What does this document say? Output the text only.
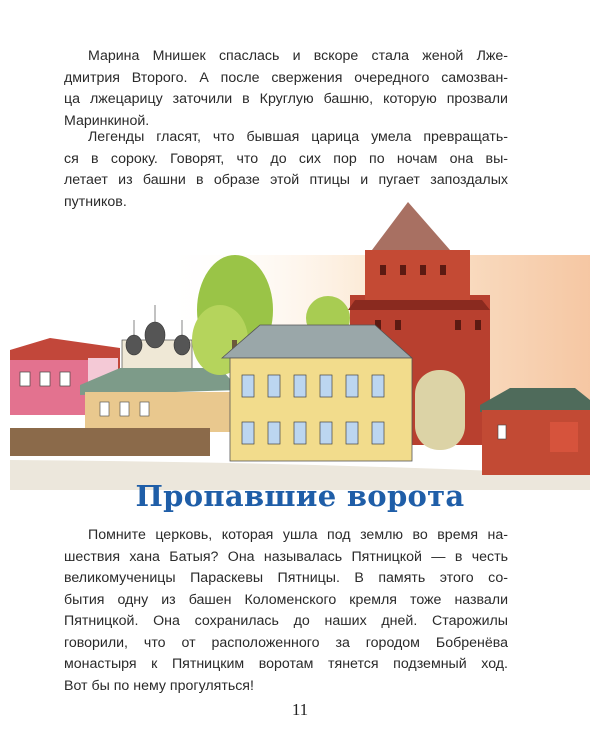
Марина Мнишек спаслась и вскоре стала женой Лже-
дмитрия Второго. А после свержения очередного самозван-
ца лжецарицу заточили в Круглую башню, которую прозвали
Маринкиной.

Легенды гласят, что бывшая царица умела превращать-
ся в сороку. Говорят, что до сих пор по ночам она вы-
летает из башни в образе этой птицы и пугает запоздалых
путников.

Пропавшие ворота

Помните церковь, которая ушла под землю во время на-
шествия хана Батыя? Она называлась Пятницкой — в честь
великомученицы Параскевы Пятницы. В память этого со-
бытия одну из башен Коломенского кремля тоже назвали
Пятницкой. Она сохранилась до наших дней. Старожилы
говорили, что от расположенного за городом Бобренёва
монастыря к Пятницким воротам тянется подземный ход.
Вот бы по нему прогуляться!

11
